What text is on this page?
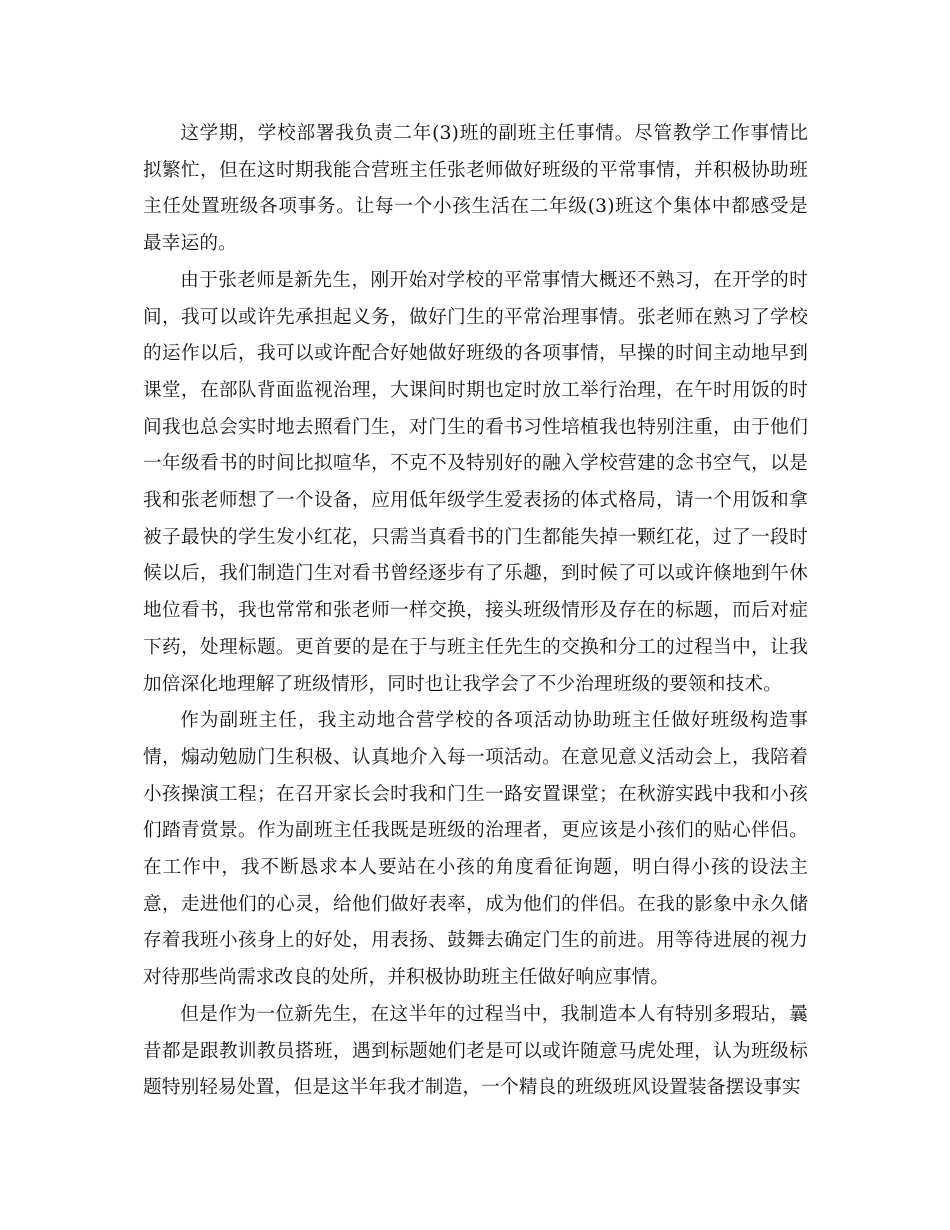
这学期，学校部署我负责二年(3)班的副班主任事情。尽管教学工作事情比拟繁忙，但在这时期我能合营班主任张老师做好班级的平常事情，并积极协助班主任处置班级各项事务。让每一个小孩生活在二年级(3)班这个集体中都感受是最幸运的。

由于张老师是新先生，刚开始对学校的平常事情大概还不熟习，在开学的时间，我可以或许先承担起义务，做好门生的平常治理事情。张老师在熟习了学校的运作以后，我可以或许配合好她做好班级的各项事情，早操的时间主动地早到课堂，在部队背面监视治理，大课间时期也定时放工举行治理，在午时用饭的时间我也总会实时地去照看门生，对门生的看书习性培植我也特别注重，由于他们一年级看书的时间比拟喧华，不克不及特别好的融入学校营建的念书空气，以是我和张老师想了一个设备，应用低年级学生爱表扬的体式格局，请一个用饭和拿被子最快的学生发小红花，只需当真看书的门生都能失掉一颗红花，过了一段时候以后，我们制造门生对看书曾经逐步有了乐趣，到时候了可以或许倏地到午休地位看书，我也常常和张老师一样交换，接头班级情形及存在的标题，而后对症下药，处理标题。更首要的是在于与班主任先生的交换和分工的过程当中，让我加倍深化地理解了班级情形，同时也让我学会了不少治理班级的要领和技术。

作为副班主任，我主动地合营学校的各项活动协助班主任做好班级构造事情，煽动勉励门生积极、认真地介入每一项活动。在意见意义活动会上，我陪着小孩操演工程；在召开家长会时我和门生一路安置课堂；在秋游实践中我和小孩们踏青赏景。作为副班主任我既是班级的治理者，更应该是小孩们的贴心伴侣。在工作中，我不断恳求本人要站在小孩的角度看征询题，明白得小孩的设法主意，走进他们的心灵，给他们做好表率，成为他们的伴侣。在我的影象中永久储存着我班小孩身上的好处，用表扬、鼓舞去确定门生的前进。用等待进展的视力对待那些尚需求改良的处所，并积极协助班主任做好响应事情。

但是作为一位新先生，在这半年的过程当中，我制造本人有特别多瑕玷，曩昔都是跟教训教员搭班，遇到标题她们老是可以或许随意马虎处理，认为班级标题特别轻易处置，但是这半年我才制造，一个精良的班级班风设置装备摆设事实
